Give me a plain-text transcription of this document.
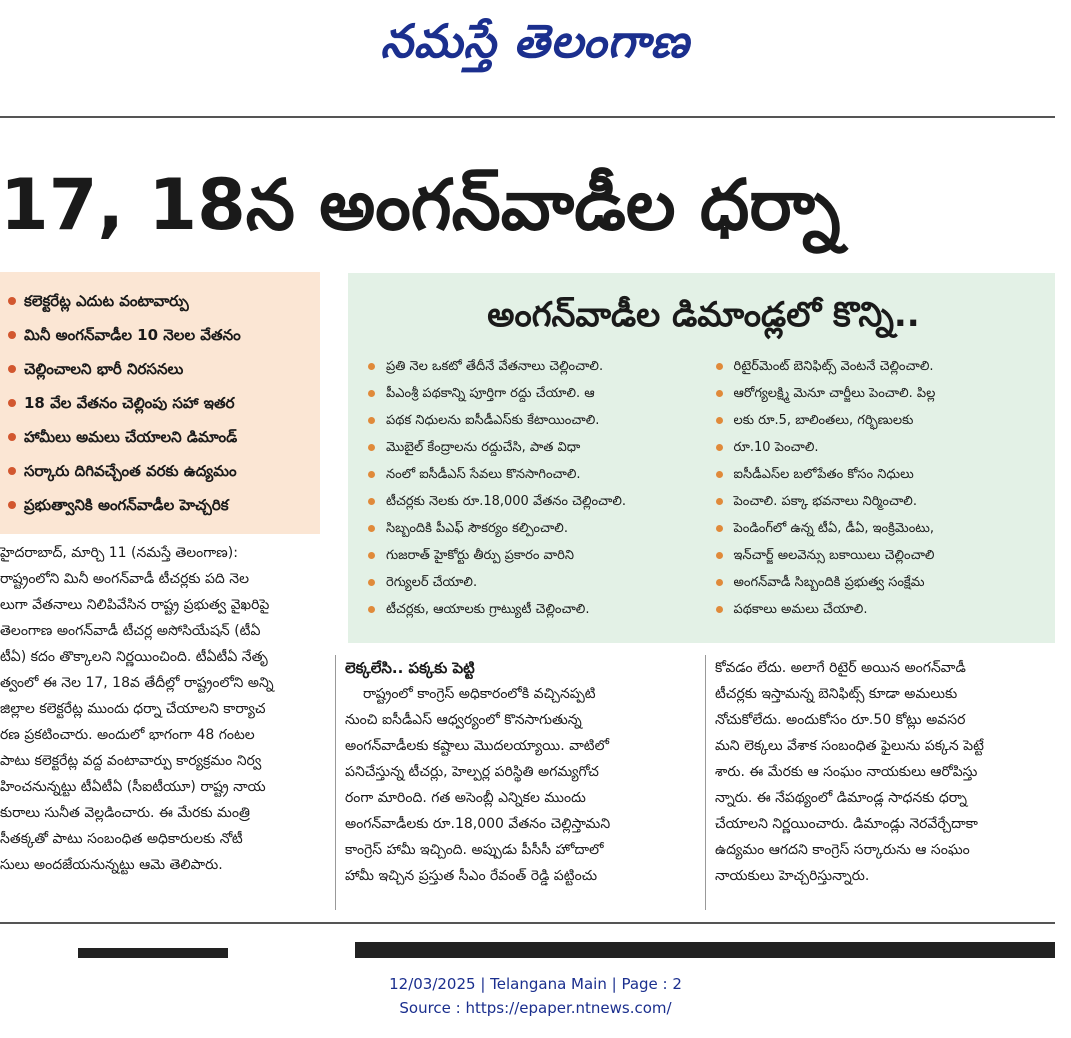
నమస్తే తెలంగాణ
17, 18న అంగన్‌వాడీల ధర్నా
కలెక్టరేట్ల ఎదుట వంటావార్పు
మినీ అంగన్‌వాడీల 10 నెలల వేతనం
చెల్లించాలని భారీ నిరసనలు
18 వేల వేతనం చెల్లింపు సహా ఇతర
హామీలు అమలు చేయాలని డిమాండ్
సర్కారు దిగివచ్చేంత వరకు ఉద్యమం
ప్రభుత్వానికి అంగన్‌వాడీల హెచ్చరిక
అంగన్‌వాడీల డిమాండ్లలో కొన్ని..
ప్రతి నెల ఒకటో తేదీనే వేతనాలు చెల్లించాలి.
పీఎంశ్రీ పథకాన్ని పూర్తిగా రద్దు చేయాలి. ఆ
పథక నిధులను ఐసీడీఎస్‌కు కేటాయించాలి.
మొబైల్ కేంద్రాలను రద్దుచేసి, పాత విధా
నంలో ఐసీడీఎస్ సేవలు కొనసాగించాలి.
టీచర్లకు నెలకు రూ.18,000 వేతనం చెల్లించాలి.
సిబ్బందికి పీఎఫ్ సౌకర్యం కల్పించాలి.
గుజరాత్ హైకోర్టు తీర్పు ప్రకారం వారిని
రెగ్యులర్ చేయాలి.
టీచర్లకు, ఆయాలకు గ్రాట్యుటీ చెల్లించాలి.
రిటైర్‌మెంట్ బెనిఫిట్స్ వెంటనే చెల్లించాలి.
ఆరోగ్యలక్ష్మి మెనూ చార్జీలు పెంచాలి. పిల్ల
లకు రూ.5, బాలింతలు, గర్భిణులకు
రూ.10 పెంచాలి.
ఐసీడీఎస్‌ల బలోపేతం కోసం నిధులు
పెంచాలి. పక్కా భవనాలు నిర్మించాలి.
పెండింగ్‌లో ఉన్న టీఏ, డీఏ, ఇంక్రిమెంటు,
ఇన్‌చార్జ్ అలవెన్సు బకాయిలు చెల్లించాలి
అంగన్‌వాడీ సిబ్బందికి ప్రభుత్వ సంక్షేమ
పథకాలు అమలు చేయాలి.
హైదరాబాద్, మార్చి 11 (నమస్తే తెలంగాణ):
రాష్ట్రంలోని మినీ అంగన్‌వాడీ టీచర్లకు పది నెల
లుగా వేతనాలు నిలిపివేసిన రాష్ట్ర ప్రభుత్వ వైఖరిపై
తెలంగాణ అంగన్‌వాడీ టీచర్ల అసోసియేషన్ (టీఏ
టీఏ) కదం తొక్కాలని నిర్ణయించింది. టీఏటీఏ నేతృ
త్వంలో ఈ నెల 17, 18వ తేదీల్లో రాష్ట్రంలోని అన్ని
జిల్లాల కలెక్టరేట్ల ముందు ధర్నా చేయాలని కార్యాచ
రణ ప్రకటించారు. అందులో భాగంగా 48 గంటల
పాటు కలెక్టరేట్ల వద్ద వంటావార్పు కార్యక్రమం నిర్వ
హించనున్నట్టు టీఏటీఏ (సీఐటీయూ) రాష్ట్ర నాయ
కురాలు సునీత వెల్లడించారు. ఈ మేరకు మంత్రి
సీతక్కతో పాటు సంబంధిత అధికారులకు నోటీ
సులు అందజేయనున్నట్టు ఆమె తెలిపారు.
లెక్కలేసి.. పక్కకు పెట్టి
రాష్ట్రంలో కాంగ్రెస్ అధికారంలోకి వచ్చినప్పటి
నుంచి ఐసీడీఎస్ ఆధ్వర్యంలో కొనసాగుతున్న
అంగన్‌వాడీలకు కష్టాలు మొదలయ్యాయి. వాటిలో
పనిచేస్తున్న టీచర్లు, హెల్పర్ల పరిస్థితి అగమ్యగోచ
రంగా మారింది. గత అసెంబ్లీ ఎన్నికల ముందు
అంగన్‌వాడీలకు రూ.18,000 వేతనం చెల్లిస్తామని
కాంగ్రెస్ హామీ ఇచ్చింది. అప్పుడు పీసీసీ హోదాలో
హామీ ఇచ్చిన ప్రస్తుత సీఎం రేవంత్ రెడ్డి పట్టించు
కోవడం లేదు. అలాగే రిటైర్ అయిన అంగన్‌వాడీ
టీచర్లకు ఇస్తామన్న బెనిఫిట్స్ కూడా అమలుకు
నోచుకోలేదు. అందుకోసం రూ.50 కోట్లు అవసర
మని లెక్కలు వేశాక సంబంధిత ఫైలును పక్కన పెట్టే
శారు. ఈ మేరకు ఆ సంఘం నాయకులు ఆరోపిస్తు
న్నారు. ఈ నేపథ్యంలో డిమాండ్ల సాధనకు ధర్నా
చేయాలని నిర్ణయించారు. డిమాండ్లు నెరవేర్చేదాకా
ఉద్యమం ఆగదని కాంగ్రెస్ సర్కారును ఆ సంఘం
నాయకులు హెచ్చరిస్తున్నారు.
12/03/2025 | Telangana Main | Page : 2
Source : https://epaper.ntnews.com/
